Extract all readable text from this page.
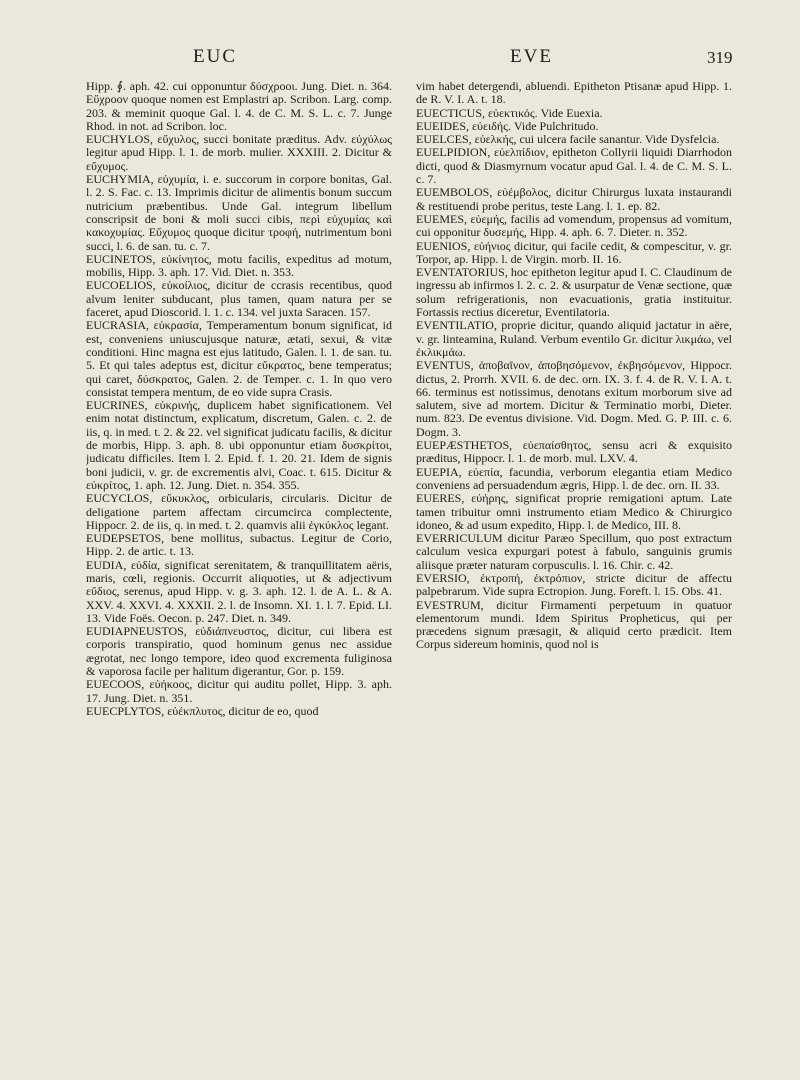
EUC	EVE	319

Hipp. ∮. aph. 42. cui opponuntur δύσχροοι. Jung. Diet. n. 364. Εὔχροον quoque nomen est Emplastri ap. Scribon. Larg. comp. 203. & meminit quoque Gal. l. 4. de C. M. S. L. c. 7. Junge Rhod. in not. ad Scribon. loc.

EUCHYLOS, εὔχυλος, succi bonitate præditus. Adv. εὐχύλως legitur apud Hipp. l. 1. de morb. mulier. XXXIII. 2. Dicitur & εὔχυμος.

EUCHYMIA, εὐχυμία, i. e. succorum in corpore bonitas, Gal. l. 2. S. Fac. c. 13. Imprimis dicitur de alimentis bonum succum nutricium præbentibus. Unde Gal. integrum libellum conscripsit de boni & moli succi cibis, περὶ εὐχυμίας καὶ κακοχυμίας. Εὔχυμος quoque dicitur τροφή, nutrimentum boni succi, l. 6. de san. tu. c. 7.

EUCINETOS, εὐκίνητος, motu facilis, expeditus ad motum, mobilis, Hipp. 3. aph. 17. Vid. Diet. n. 353.

EUCOELIOS, εὐκοίλιος, dicitur de ccrasis recentibus, quod alvum leniter subducant, plus tamen, quam natura per se faceret, apud Dioscorid. l. 1. c. 134. vel juxta Saracen. 157.

EUCRASIA, εὐκρασία, Temperamentum bonum significat, id est, conveniens uniuscujusque naturæ, ætati, sexui, & vitæ conditioni. Hinc magna est ejus latitudo, Galen. l. 1. de san. tu. 5. Et qui tales adeptus est, dicitur εὔκρατος, bene temperatus; qui caret, δύσκρατος, Galen. 2. de Temper. c. 1. In quo vero consistat tempera mentum, de eo vide supra Crasis.

EUCRINES, εὐκρινής, duplicem habet significationem. Vel enim notat distinctum, explicatum, discretum, Galen. c. 2. de iis, q. in med. t. 2. & 22. vel significat judicatu facilis, & dicitur de morbis, Hipp. 3. aph. 8. ubi opponuntur etiam δυσκρίτοι, judicatu difficiles. Item l. 2. Epid. f. 1. 20. 21. Idem de signis boni judicii, v. gr. de excrementis alvi, Coac. t. 615. Dicitur & εὐκρίτος, 1. aph. 12. Jung. Diet. n. 354. 355.

EUCYCLOS, εὔκυκλος, orbicularis, circularis. Dicitur de deligatione partem affectam circumcirca complectente, Hippocr. 2. de iis, q. in med. t. 2. quamvis alii ἐγκύκλος legant.

EUDEPSETOS, bene mollitus, subactus. Legitur de Corio, Hipp. 2. de artic. t. 13.

EUDIA, εὐδία, significat serenitatem, & tranquillitatem aëris, maris, cœli, regionis. Occurrit aliquoties, ut & adjectivum εὔδιος, serenus, apud Hipp. v. g. 3. aph. 12. l. de A. L. & A. XXV. 4. XXVI. 4. XXXII. 2. l. de Insomn. XI. 1. l. 7. Epid. LI. 13. Vide Foës. Oecon. p. 247. Diet. n. 349.

EUDIAPNEUSTOS, εὐδιάπνευστος, dicitur, cui libera est corporis transpiratio, quod hominum genus nec assidue ægrotat, nec longo tempore, ideo quod excrementa fuliginosa & vaporosa facile per halitum digerantur, Gor. p. 159.

EUECOOS, εὐήκοος, dicitur qui auditu pollet, Hipp. 3. aph. 17. Jung. Diet. n. 351.

EUECPLYTOS, εὐέκπλυτος, dicitur de eo, quod

vim habet detergendi, abluendi. Epitheton Ptisanæ apud Hipp. 1. de R. V. I. A. t. 18.

EUECTICUS, εὐεκτικός. Vide Euexia.

EUEIDES, εὐειδής. Vide Pulchritudo.

EUELCES, εὐελκής, cui ulcera facile sanantur. Vide Dysfelcia.

EUELPIDION, εὐελπίδιον, epitheton Collyrii liquidi Diarrhodon dicti, quod & Diasmyrnum vocatur apud Gal. l. 4. de C. M. S. L. c. 7.

EUEMBOLOS, εὐέμβολος, dicitur Chirurgus luxata instaurandi & restituendi probe peritus, teste Lang. l. 1. ep. 82.

EUEMES, εὐεμής, facilis ad vomendum, propensus ad vomitum, cui opponitur δυσεμής, Hipp. 4. aph. 6. 7. Dieter. n. 352.

EUENIOS, εὐήνιος dicitur, qui facile cedit, & compescitur, v. gr. Torpor, ap. Hipp. l. de Virgin. morb. II. 16.

EVENTATORIUS, hoc epitheton legitur apud I. C. Claudinum de ingressu ab infirmos l. 2. c. 2. & usurpatur de Venæ sectione, quæ solum refrigerationis, non evacuationis, gratia instituitur. Fortassis rectius diceretur, Eventilatoria.

EVENTILATIO, proprie dicitur, quando aliquid jactatur in aëre, v. gr. linteamina, Ruland. Verbum eventilo Gr. dicitur λικμάω, vel ἐκλικμάω.

EVENTUS, ἀποβαῖνον, ἀποβησόμενον, ἐκβησόμενον, Hippocr. dictus, 2. Prorrh. XVII. 6. de dec. orn. IX. 3. f. 4. de R. V. I. A. t. 66. terminus est notissimus, denotans exitum morborum sive ad salutem, sive ad mortem. Dicitur & Terminatio morbi, Dieter. num. 823. De eventus divisione. Vid. Dogm. Med. G. P. III. c. 6. Dogm. 3.

EUEPÆSTHETOS, εὐεπαίσθητος, sensu acri & exquisito præditus, Hippocr. l. 1. de morb. mul. LXV. 4.

EUEPIA, εὐεπία, facundia, verborum elegantia etiam Medico conveniens ad persuadendum ægris, Hipp. l. de dec. orn. II. 33.

EUERES, εὐήρης, significat proprie remigationi aptum. Late tamen tribuitur omni instrumento etiam Medico & Chirurgico idoneo, & ad usum expedito, Hipp. l. de Medico, III. 8.

EVERRICULUM dicitur Paræo Specillum, quo post extractum calculum vesica expurgari potest à fabulo, sanguinis grumis aliisque præter naturam corpusculis. l. 16. Chir. c. 42.

EVERSIO, ἐκτροπή, ἐκτρόπιον, stricte dicitur de affectu palpebrarum. Vide supra Ectropion. Jung. Foreft. l. 15. Obs. 41.

EVESTRUM, dicitur Firmamenti perpetuum in quatuor elementorum mundi. Idem Spiritus Propheticus, qui per præcedens signum præsagit, & aliquid certo prædicit. Item Corpus sidereum hominis, quod nol is
